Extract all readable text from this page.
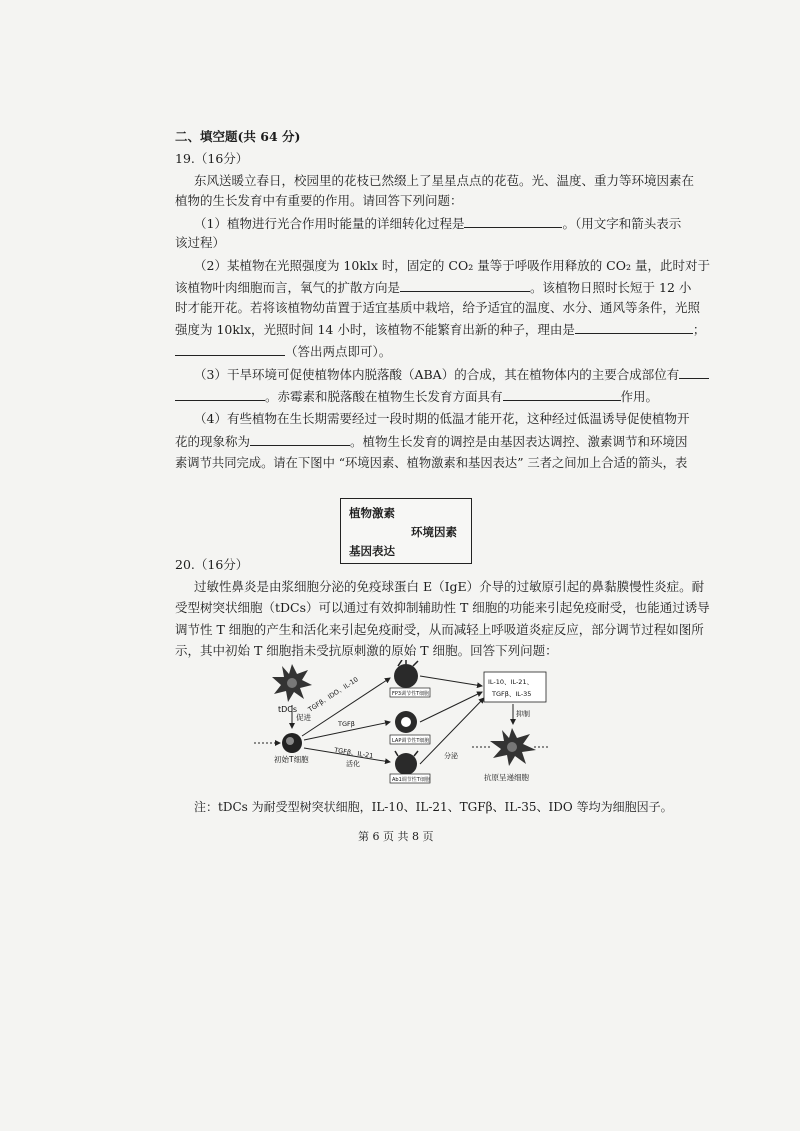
二、填空题(共 64 分)
19.（16分）
东风送暖立春日，校园里的花枝已然缀上了星星点点的花苞。光、温度、重力等环境因素在
植物的生长发育中有重要的作用。请回答下列问题：
（1）植物进行光合作用时能量的详细转化过程是	。（用文字和箭头表示
该过程）
（2）某植物在光照强度为 10klx 时，固定的 CO₂ 量等于呼吸作用释放的 CO₂ 量，此时对于
该植物叶肉细胞而言，氧气的扩散方向是	。该植物日照时长短于 12 小
时才能开花。若将该植物幼苗置于适宜基质中栽培，给予适宜的温度、水分、通风等条件，光照
强度为 10klx，光照时间 14 小时，该植物不能繁育出新的种子，理由是	；
（答出两点即可）。
（3）干旱环境可促使植物体内脱落酸（ABA）的合成，其在植物体内的主要合成部位有
。赤霉素和脱落酸在植物生长发育方面具有	作用。
（4）有些植物在生长期需要经过一段时期的低温才能开花，这种经过低温诱导促使植物开
花的现象称为	。植物生长发育的调控是由基因表达调控、激素调节和环境因
素调节共同完成。请在下图中 “环境因素、植物激素和基因表达” 三者之间加上合适的箭头，表
植物激素
环境因素
基因表达
20.（16分）
过敏性鼻炎是由浆细胞分泌的免疫球蛋白 E（IgE）介导的过敏原引起的鼻黏膜慢性炎症。耐
受型树突状细胞（tDCs）可以通过有效抑制辅助性 T 细胞的功能来引起免疫耐受，也能通过诱导
调节性 T 细胞的产生和活化来引起免疫耐受，从而减轻上呼吸道炎症反应，部分调节过程如图所
示，其中初始 T 细胞指未受抗原刺激的原始 T 细胞。回答下列问题：
tDCs
促进
初始T细胞
TGFβ、IDO、IL-10
TGFβ
TGFβ、IL-21
活化
FP3调节性T细胞
LAP调节性T细胞
Ab1调节性T细胞
分泌
IL-10、IL-21、
TGFβ、IL-35
抑制
抗原呈递细胞
注：tDCs 为耐受型树突状细胞，IL-10、IL-21、TGFβ、IL-35、IDO 等均为细胞因子。
第 6 页 共 8 页
